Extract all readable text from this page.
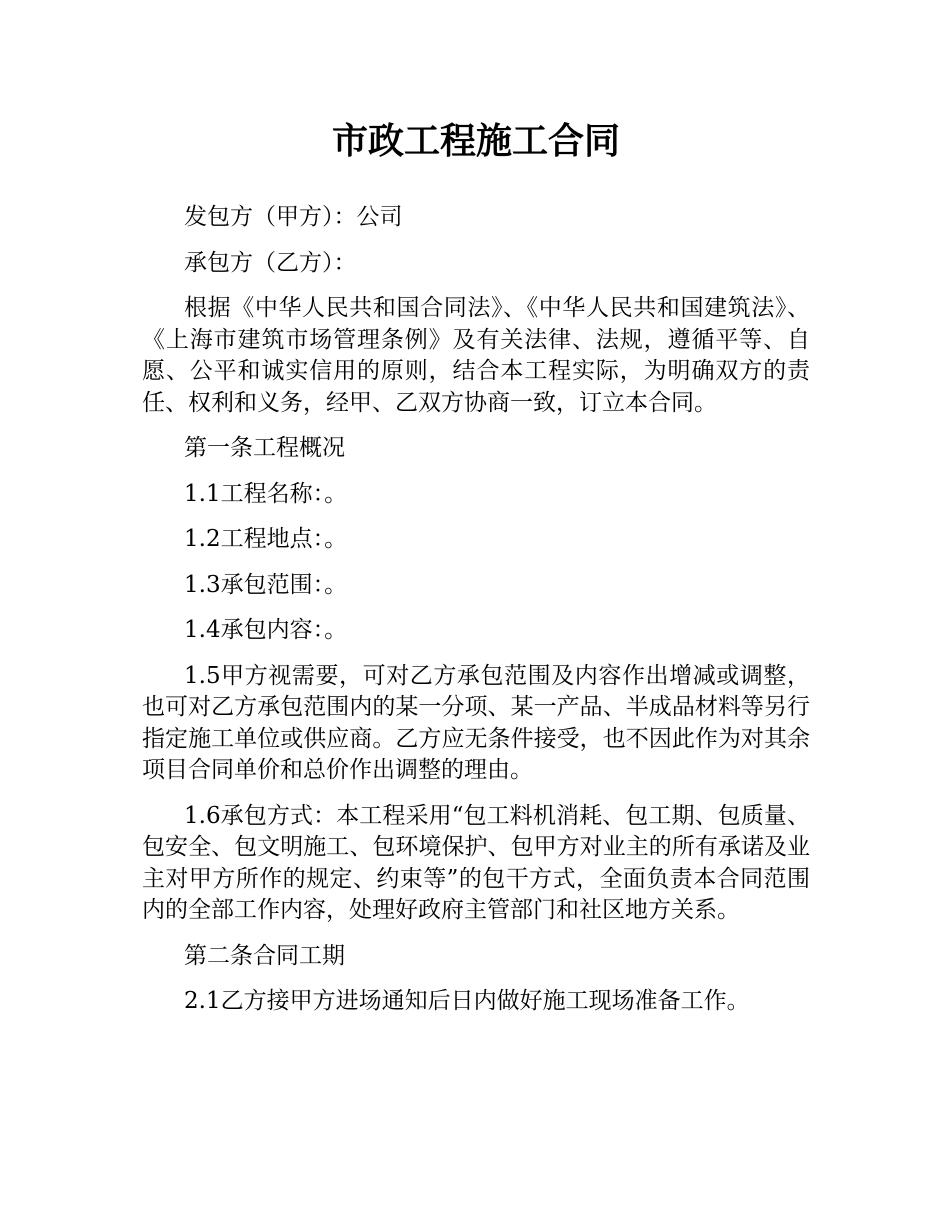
市政工程施工合同

发包方（甲方）：公司

承包方（乙方）：

根据《中华人民共和国合同法》、《中华人民共和国建筑法》、《上海市建筑市场管理条例》及有关法律、法规，遵循平等、自愿、公平和诚实信用的原则，结合本工程实际，为明确双方的责任、权利和义务，经甲、乙双方协商一致，订立本合同。

第一条工程概况

1.1工程名称：。

1.2工程地点：。

1.3承包范围：。

1.4承包内容：。

1.5甲方视需要，可对乙方承包范围及内容作出增减或调整，也可对乙方承包范围内的某一分项、某一产品、半成品材料等另行指定施工单位或供应商。乙方应无条件接受，也不因此作为对其余项目合同单价和总价作出调整的理由。

1.6承包方式：本工程采用“包工料机消耗、包工期、包质量、包安全、包文明施工、包环境保护、包甲方对业主的所有承诺及业主对甲方所作的规定、约束等”的包干方式，全面负责本合同范围内的全部工作内容，处理好政府主管部门和社区地方关系。

第二条合同工期

2.1乙方接甲方进场通知后日内做好施工现场准备工作。
